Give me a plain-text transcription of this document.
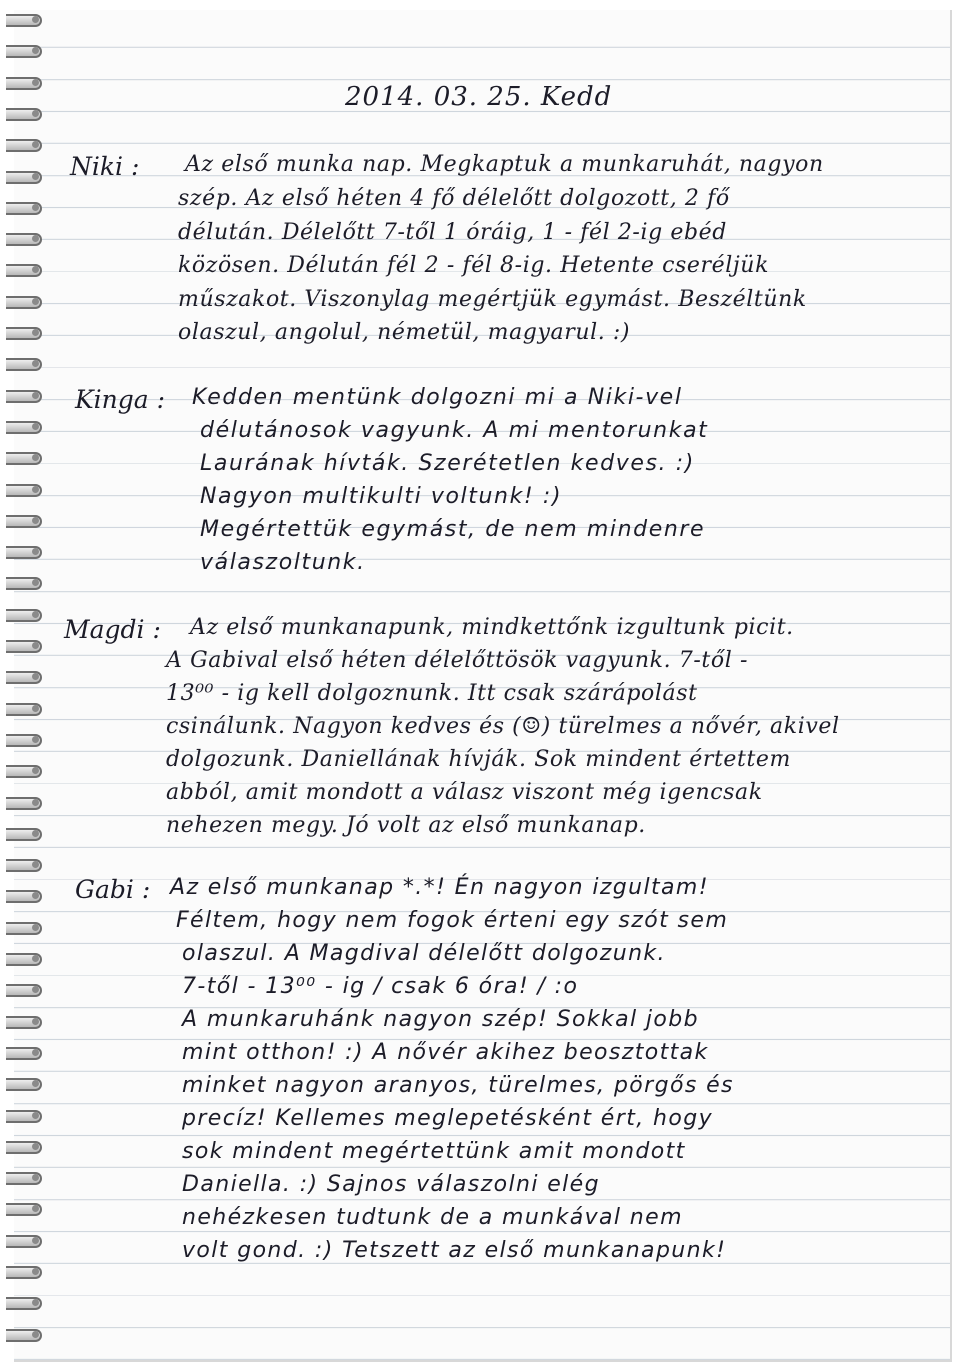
2014. 03. 25. Kedd
Niki : Az első munka nap. Megkaptuk a munkaruhát, nagyon
szép. Az első héten 4 fő délelőtt dolgozott, 2 fő
délután. Délelőtt 7-től 1 óráig, 1 - fél 2-ig ebéd
közösen. Délután fél 2 - fél 8-ig. Hetente cseréljük
műszakot. Viszonylag megértjük egymást. Beszéltünk
olaszul, angolul, németül, magyarul. :)
Kinga : Kedden mentünk dolgozni mi a Niki-vel
délutánosok vagyunk. A mi mentorunkat
Laurának hívták. Szerétetlen kedves. :)
Nagyon multikulti voltunk! :)
Megértettük egymást, de nem mindenre
válaszoltunk.
Magdi : Az első munkanapunk, mindkettőnk izgultunk picit.
A Gabival első héten délelőttösök vagyunk. 7-től -
13⁰⁰ - ig kell dolgoznunk. Itt csak szárápolást
csinálunk. Nagyon kedves és (☺) türelmes a nővér, akivel
dolgozunk. Daniellának hívják. Sok mindent értettem
abból, amit mondott a válasz viszont még igencsak
nehezen megy. Jó volt az első munkanap.
Gabi : Az első munkanap *.*! Én nagyon izgultam!
Féltem, hogy nem fogok érteni egy szót sem
olaszul. A Magdival délelőtt dolgozunk.
7-től - 13⁰⁰ - ig / csak 6 óra! / :o
A munkaruhánk nagyon szép! Sokkal jobb
mint otthon! :) A nővér akihez beosztottak
minket nagyon aranyos, türelmes, pörgős és
precíz! Kellemes meglepetésként ért, hogy
sok mindent megértettünk amit mondott
Daniella. :) Sajnos válaszolni elég
nehézkesen tudtunk de a munkával nem
volt gond. :) Tetszett az első munkanapunk!
